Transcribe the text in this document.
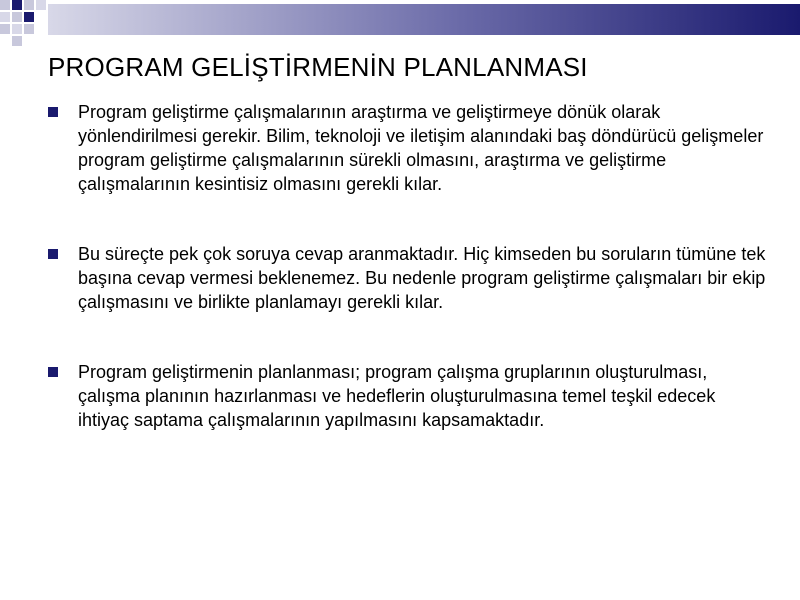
PROGRAM GELİŞTİRMENİN PLANLANMASI
Program geliştirme çalışmalarının araştırma ve geliştirmeye dönük olarak yönlendirilmesi gerekir. Bilim, teknoloji ve iletişim alanındaki baş döndürücü gelişmeler program geliştirme çalışmalarının sürekli olmasını, araştırma ve geliştirme çalışmalarının kesintisiz olmasını gerekli kılar.
Bu süreçte pek çok soruya cevap aranmaktadır. Hiç kimseden bu soruların tümüne tek başına cevap vermesi beklenemez. Bu nedenle program geliştirme çalışmaları bir ekip çalışmasını ve birlikte planlamayı gerekli kılar.
Program geliştirmenin planlanması; program çalışma gruplarının oluşturulması, çalışma planının hazırlanması ve hedeflerin oluşturulmasına temel teşkil edecek ihtiyaç saptama çalışmalarının yapılmasını kapsamaktadır.
